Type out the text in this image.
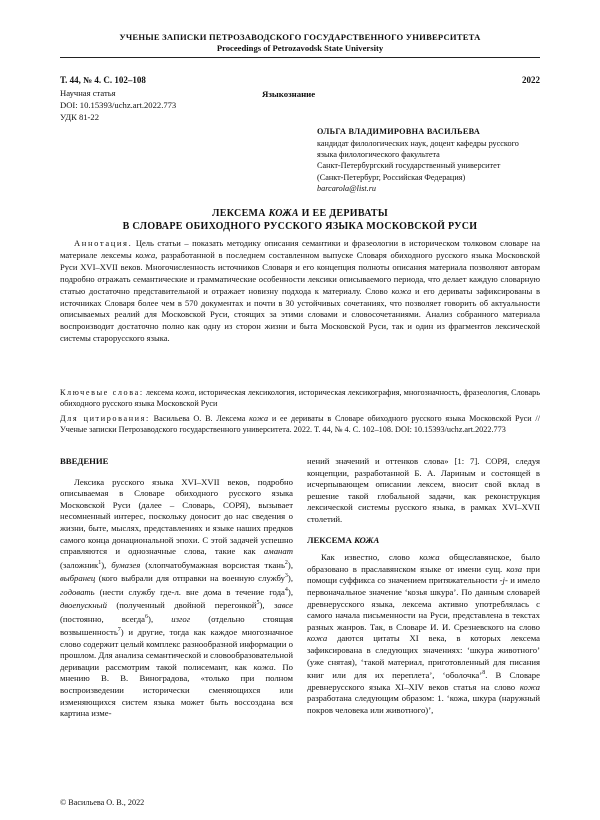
УЧЕНЫЕ ЗАПИСКИ ПЕТРОЗАВОДСКОГО ГОСУДАРСТВЕННОГО УНИВЕРСИТЕТА
Proceedings of Petrozavodsk State University
Т. 44, № 4. С. 102–108	2022
Научная статья	Языкознание
DOI: 10.15393/uchz.art.2022.773
УДК 81-22
ОЛЬГА ВЛАДИМИРОВНА ВАСИЛЬЕВА
кандидат филологических наук, доцент кафедры русского
языка филологического факультета
Санкт-Петербургский государственный университет
(Санкт-Петербург, Российская Федерация)
barcarola@list.ru
ЛЕКСЕМА КОЖА И ЕЕ ДЕРИВАТЫ
В СЛОВАРЕ ОБИХОДНОГО РУССКОГО ЯЗЫКА МОСКОВСКОЙ РУСИ

Аннотация. Цель статьи – показать методику описания семантики и фразеологии в историческом толковом словаре на материале лексемы кожа, разработанной в последнем составленном выпуске Словаря обиходного русского языка Московской Руси XVI–XVII веков. Многочисленность источников Словаря и его концепция полноты описания материала позволяют авторам подробно отражать семантические и грамматические особенности лексики описываемого периода, что делает каждую словарную статью достаточно представительной и отражает новизну подхода к материалу. Слово кожа и его дериваты зафиксированы в источниках Словаря более чем в 570 документах и почти в 30 устойчивых сочетаниях, что позволяет говорить об актуальности описываемых реалий для Московской Руси, стоящих за этими словами и словосочетаниями. Анализ собранного материала воспроизводит достаточно полно как одну из сторон жизни и быта Московской Руси, так и один из фрагментов лексической системы старорусского языка.

Ключевые слова: лексема кожа, историческая лексикология, историческая лексикография, многозначность, фразеология, Словарь обиходного русского языка Московской Руси
Для цитирования: Васильева О. В. Лексема кожа и ее дериваты в Словаре обиходного русского языка Московской Руси // Ученые записки Петрозаводского государственного университета. 2022. Т. 44, № 4. С. 102–108. DOI: 10.15393/uchz.art.2022.773
ВВЕДЕНИЕ

Лексика русского языка XVI–XVII веков, подробно описываемая в Словаре обиходного русского языка Московской Руси (далее – Словарь, СОРЯ), вызывает несомненный интерес, поскольку доносит до нас сведения о жизни, быте, мыслях, представлениях и языке наших предков самого конца донациональной эпохи. С этой задачей успешно справляются и однозначные слова, такие как аманат (заложник$^1$), бумазея (хлопчатобумажная ворсистая ткань$^2$), выбранец (кого выбрали для отправки на военную службу$^3$), годовать (нести службу где-л. вне дома в течение года$^4$), двоепускный (полученный двойной перегонкой$^5$), завсе (постоянно, всегда$^6$), изгог (отдельно стоящая возвышенность$^7$) и другие, тогда как каждое многозначное слово содержит целый комплекс разнообразной информации о прошлом. Для анализа семантической и словообразовательной деривации рассмотрим такой полисемант, как кожа. По мнению В. В. Виноградова, «только при полном воспроизведении исторически сменяющихся или изменяющихся систем языка может быть воссоздана вся картина изме-

нений значений и оттенков слова» [1: 7]. СОРЯ, следуя концепции, разработанной Б. А. Лариным и состоящей в исчерпывающем описании лексем, вносит свой вклад в решение такой глобальной задачи, как реконструкция лексической системы русского языка, в рамках XVI–XVII столетий.

ЛЕКСЕМА КОЖА

Как известно, слово кожа общеславянское, было образовано в праславянском языке от имени сущ. коза при помощи суффикса со значением притяжательности -j- и имело первоначальное значение ‘козья шкура’. По данным словарей древнерусского языка, лексема активно употреблялась с самого начала письменности на Руси, представлена в текстах разных жанров. Так, в Словаре И. И. Срезневского на слово кожа даются цитаты XI века, в которых лексема зафиксирована в следующих значениях: ‘шкура животного’ (уже снятая), ‘такой материал, приготовленный для писания книг или для их переплета’, ‘оболочка’$^8$. В Словаре древнерусского языка XI–XIV веков статья на слово кожа разработана следующим образом: 1. ‘кожа, шкура (наружный покров человека или животного)’,

© Васильева О. В., 2022
